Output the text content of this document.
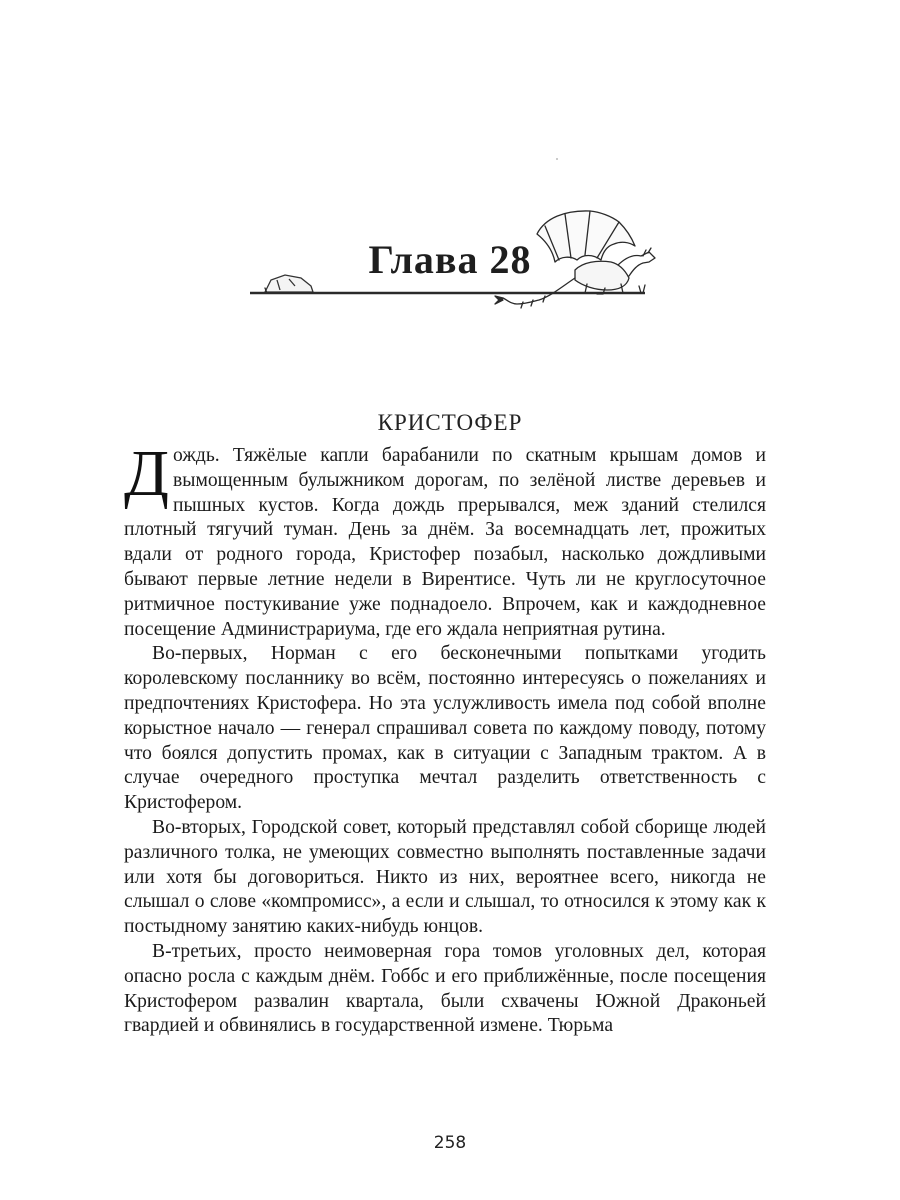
Глава 28
КРИСТОФЕР

Дождь. Тяжёлые капли барабанили по скатным крышам домов и вымощенным булыжником дорогам, по зелёной листве деревьев и пышных кустов. Когда дождь прерывался, меж зданий стелился плотный тягучий туман. День за днём. За восемнадцать лет, прожитых вдали от родного города, Кристофер позабыл, насколько дождливыми бывают первые летние недели в Вирентисе. Чуть ли не круглосуточное ритмичное постукивание уже поднадоело. Впрочем, как и каждодневное посещение Администрариума, где его ждала неприятная рутина.

Во-первых, Норман с его бесконечными попытками угодить королевскому посланнику во всём, постоянно интересуясь о пожеланиях и предпочтениях Кристофера. Но эта услужливость имела под собой вполне корыстное начало — генерал спрашивал совета по каждому поводу, потому что боялся допустить промах, как в ситуации с Западным трактом. А в случае очередного проступка мечтал разделить ответственность с Кристофером.

Во-вторых, Городской совет, который представлял собой сборище людей различного толка, не умеющих совместно выполнять поставленные задачи или хотя бы договориться. Никто из них, вероятнее всего, никогда не слышал о слове «компромисс», а если и слышал, то относился к этому как к постыдному занятию каких-нибудь юнцов.

В-третьих, просто неимоверная гора томов уголовных дел, которая опасно росла с каждым днём. Гоббс и его приближённые, после посещения Кристофером развалин квартала, были схвачены Южной Драконьей гвардией и обвинялись в государственной измене. Тюрьма

258
